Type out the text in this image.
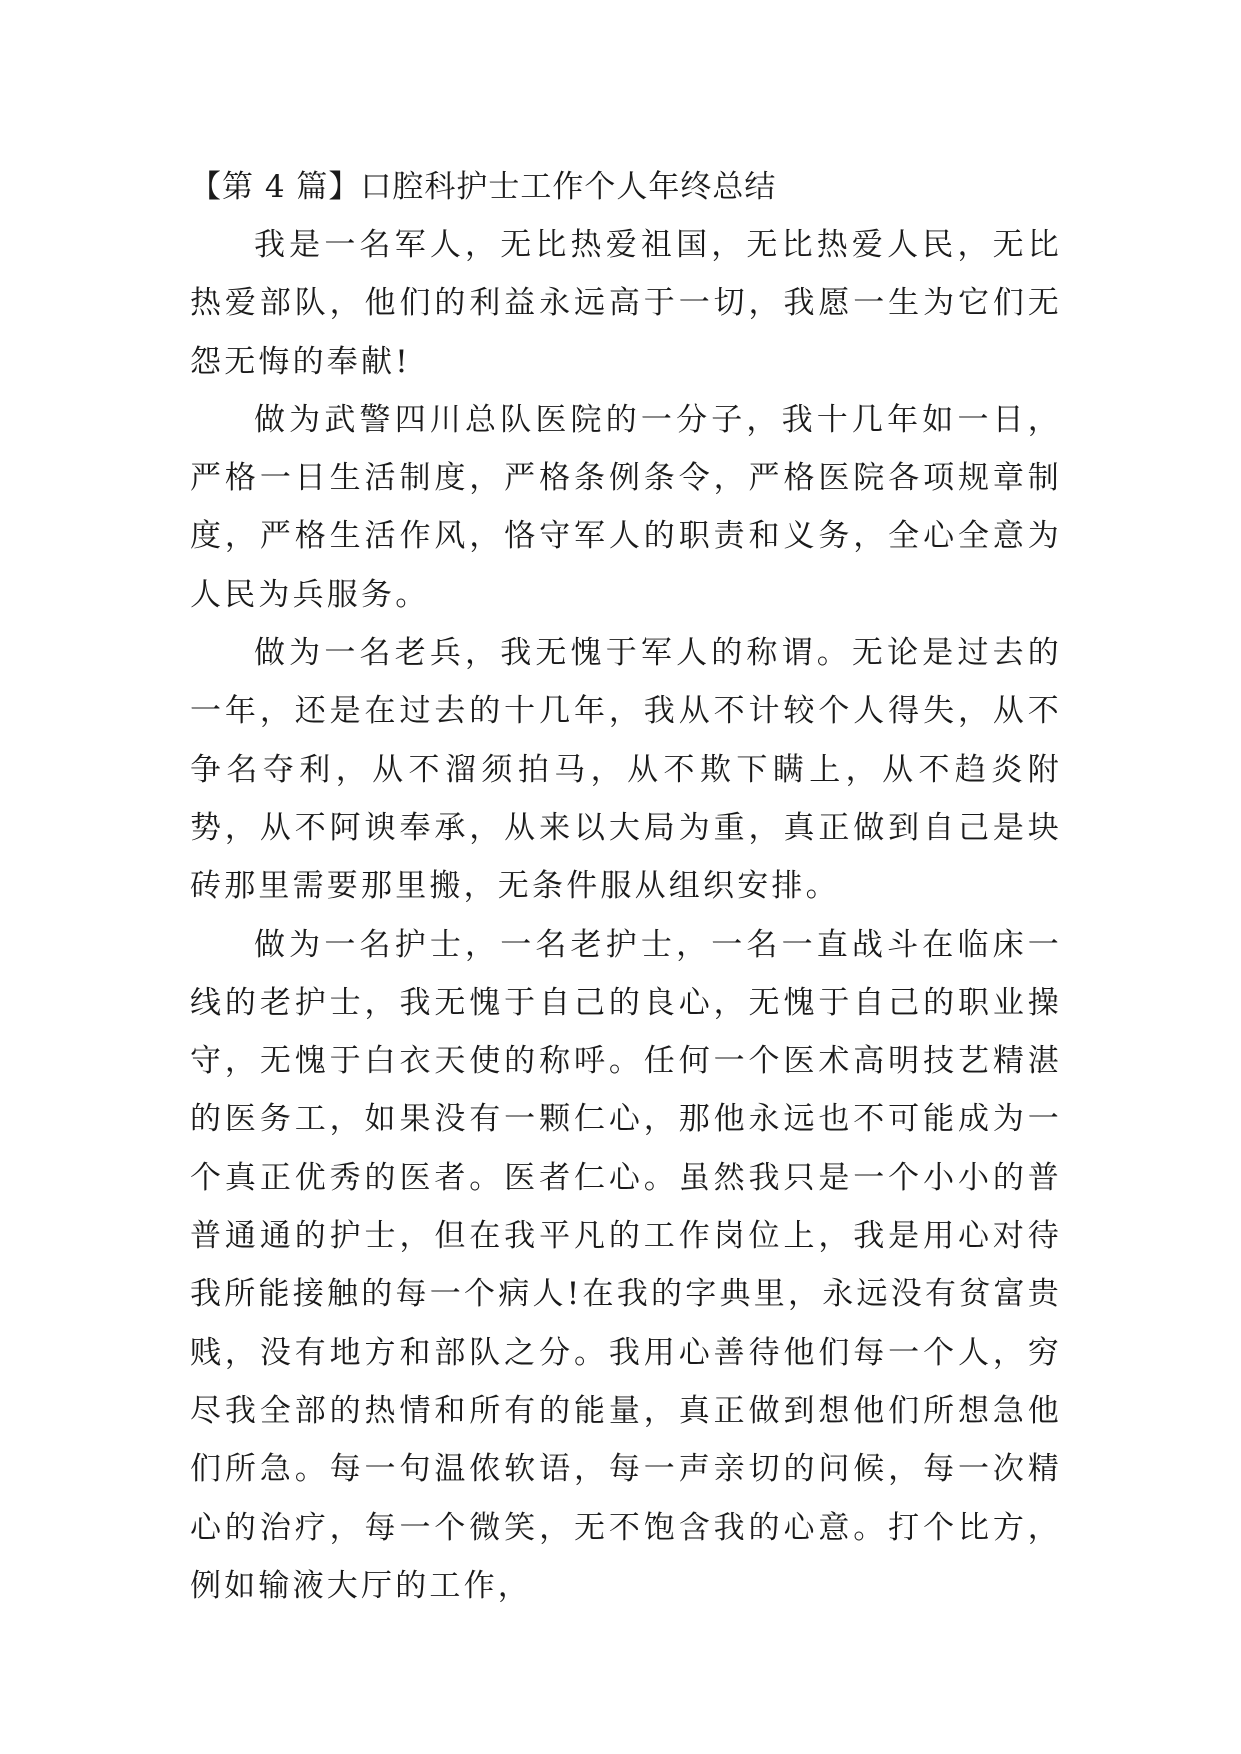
【第 4 篇】口腔科护士工作个人年终总结

我是一名军人，无比热爱祖国，无比热爱人民，无比热爱部队，他们的利益永远高于一切，我愿一生为它们无怨无悔的奉献!

做为武警四川总队医院的一分子，我十几年如一日，严格一日生活制度，严格条例条令，严格医院各项规章制度，严格生活作风，恪守军人的职责和义务，全心全意为人民为兵服务。

做为一名老兵，我无愧于军人的称谓。无论是过去的一年，还是在过去的十几年，我从不计较个人得失，从不争名夺利，从不溜须拍马，从不欺下瞒上，从不趋炎附势，从不阿谀奉承，从来以大局为重，真正做到自己是块砖那里需要那里搬，无条件服从组织安排。

做为一名护士，一名老护士，一名一直战斗在临床一线的老护士，我无愧于自己的良心，无愧于自己的职业操守，无愧于白衣天使的称呼。任何一个医术高明技艺精湛的医务工，如果没有一颗仁心，那他永远也不可能成为一个真正优秀的医者。医者仁心。虽然我只是一个小小的普普通通的护士，但在我平凡的工作岗位上，我是用心对待我所能接触的每一个病人!在我的字典里，永远没有贫富贵贱，没有地方和部队之分。我用心善待他们每一个人，穷尽我全部的热情和所有的能量，真正做到想他们所想急他们所急。每一句温侬软语，每一声亲切的问候，每一次精心的治疗，每一个微笑，无不饱含我的心意。打个比方，例如输液大厅的工作，
